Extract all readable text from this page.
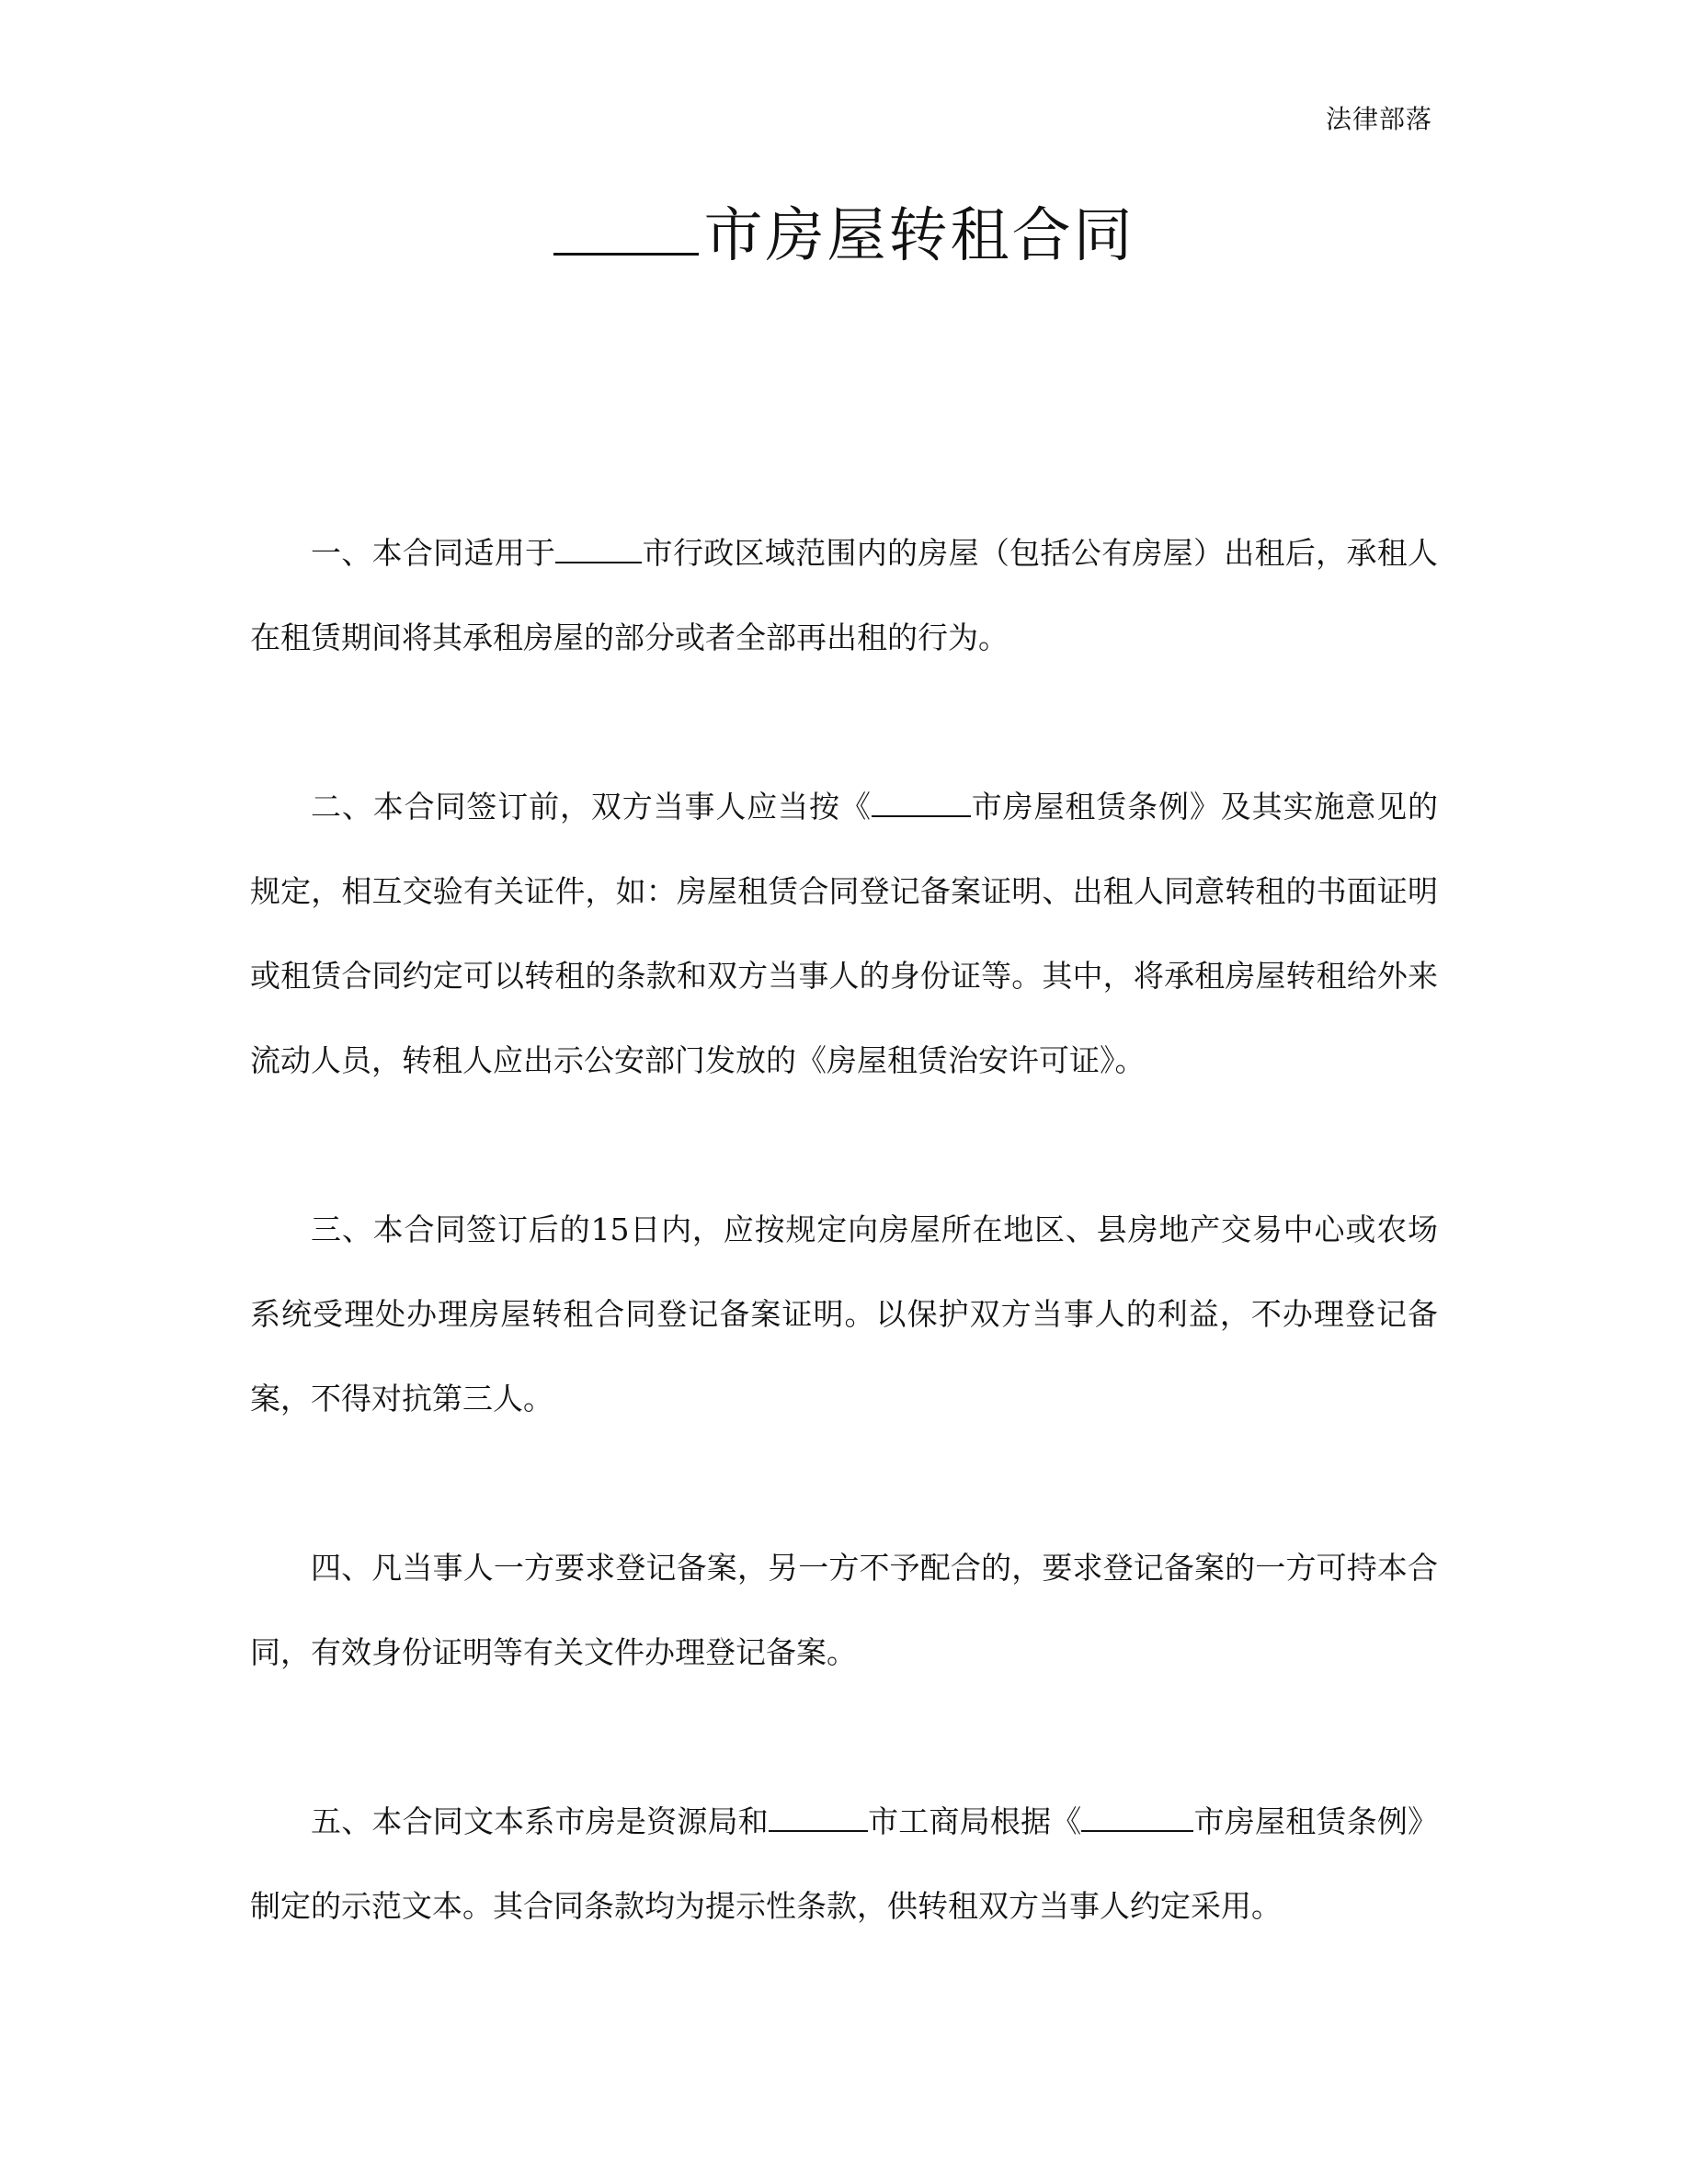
法律部落
市房屋转租合同

一、本合同适用于	市行政区域范围内的房屋（包括公有房屋）出租后，承租人在租赁期间将其承租房屋的部分或者全部再出租的行为。

二、本合同签订前，双方当事人应当按《	市房屋租赁条例》及其实施意见的规定，相互交验有关证件，如：房屋租赁合同登记备案证明、出租人同意转租的书面证明或租赁合同约定可以转租的条款和双方当事人的身份证等。其中，将承租房屋转租给外来流动人员，转租人应出示公安部门发放的《房屋租赁治安许可证》。

三、本合同签订后的15日内，应按规定向房屋所在地区、县房地产交易中心或农场系统受理处办理房屋转租合同登记备案证明。以保护双方当事人的利益，不办理登记备案，不得对抗第三人。

四、凡当事人一方要求登记备案，另一方不予配合的，要求登记备案的一方可持本合同，有效身份证明等有关文件办理登记备案。

五、本合同文本系市房是资源局和	市工商局根据《	市房屋租赁条例》制定的示范文本。其合同条款均为提示性条款，供转租双方当事人约定采用。
